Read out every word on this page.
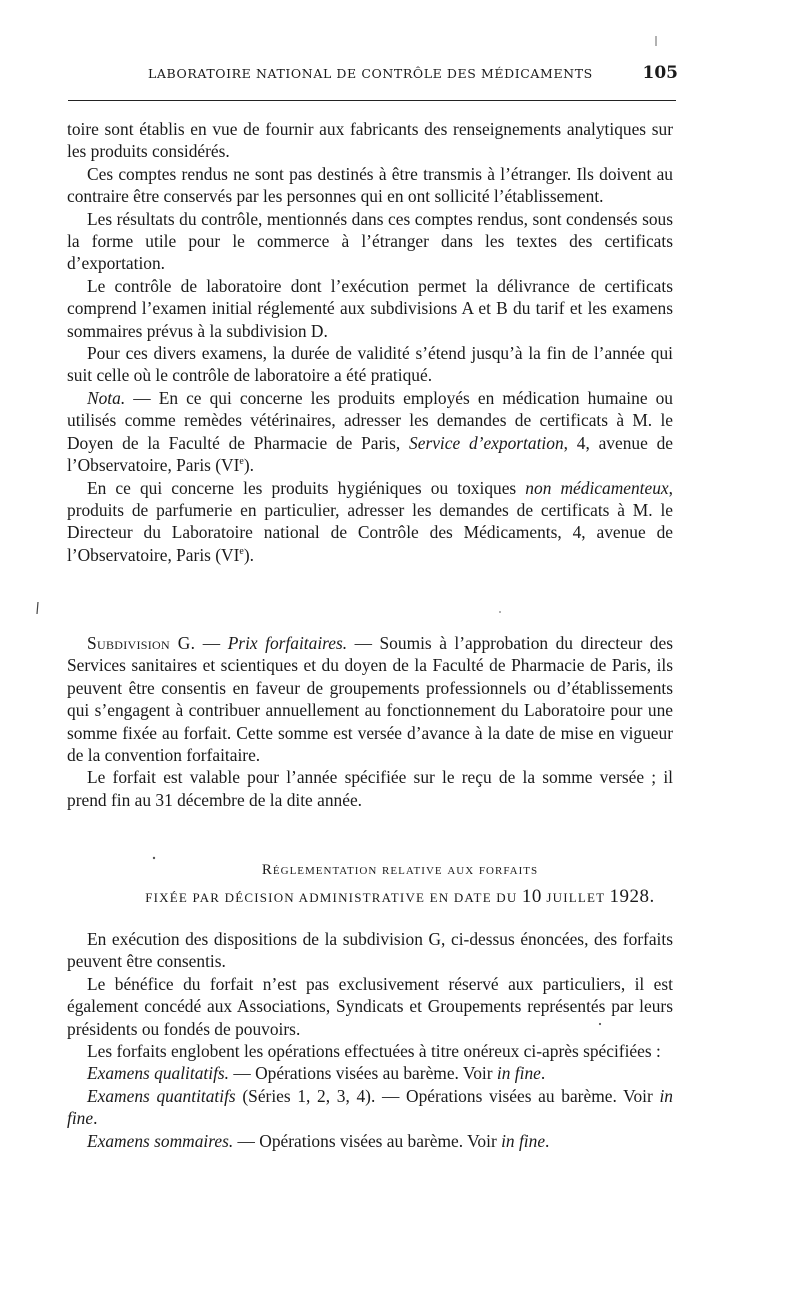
LABORATOIRE NATIONAL DE CONTRÔLE DES MÉDICAMENTS	105

toire sont établis en vue de fournir aux fabricants des renseignements analytiques sur les produits considérés.

Ces comptes rendus ne sont pas destinés à être transmis à l’étranger. Ils doivent au contraire être conservés par les personnes qui en ont sollicité l’établissement.

Les résultats du contrôle, mentionnés dans ces comptes rendus, sont condensés sous la forme utile pour le commerce à l’étranger dans les textes des certificats d’exportation.

Le contrôle de laboratoire dont l’exécution permet la délivrance de certificats comprend l’examen initial réglementé aux subdivisions A et B du tarif et les examens sommaires prévus à la subdivision D.

Pour ces divers examens, la durée de validité s’étend jusqu’à la fin de l’année qui suit celle où le contrôle de laboratoire a été pratiqué.

Nota. — En ce qui concerne les produits employés en médication humaine ou utilisés comme remèdes vétérinaires, adresser les demandes de certificats à M. le Doyen de la Faculté de Pharmacie de Paris, Service d’exportation, 4, avenue de l’Observatoire, Paris (VIe).

En ce qui concerne les produits hygiéniques ou toxiques non médicamenteux, produits de parfumerie en particulier, adresser les demandes de certificats à M. le Directeur du Laboratoire national de Contrôle des Médicaments, 4, avenue de l’Observatoire, Paris (VIe).

Subdivision G. — Prix forfaitaires. — Soumis à l’approbation du directeur des Services sanitaires et scientiques et du doyen de la Faculté de Pharmacie de Paris, ils peuvent être consentis en faveur de groupements professionnels ou d’établissements qui s’engagent à contribuer annuellement au fonctionnement du Laboratoire pour une somme fixée au forfait. Cette somme est versée d’avance à la date de mise en vigueur de la convention forfaitaire.

Le forfait est valable pour l’année spécifiée sur le reçu de la somme versée ; il prend fin au 31 décembre de la dite année.

Réglementation relative aux forfaits
FIXÉE PAR DÉCISION ADMINISTRATIVE EN DATE DU 10 JUILLET 1928.

En exécution des dispositions de la subdivision G, ci-dessus énoncées, des forfaits peuvent être consentis.

Le bénéfice du forfait n’est pas exclusivement réservé aux particuliers, il est également concédé aux Associations, Syndicats et Groupements représentés par leurs présidents ou fondés de pouvoirs.

Les forfaits englobent les opérations effectuées à titre onéreux ci-après spécifiées :

Examens qualitatifs. — Opérations visées au barème. Voir in fine.

Examens quantitatifs (Séries 1, 2, 3, 4). — Opérations visées au barème. Voir in fine.

Examens sommaires. — Opérations visées au barème. Voir in fine.
